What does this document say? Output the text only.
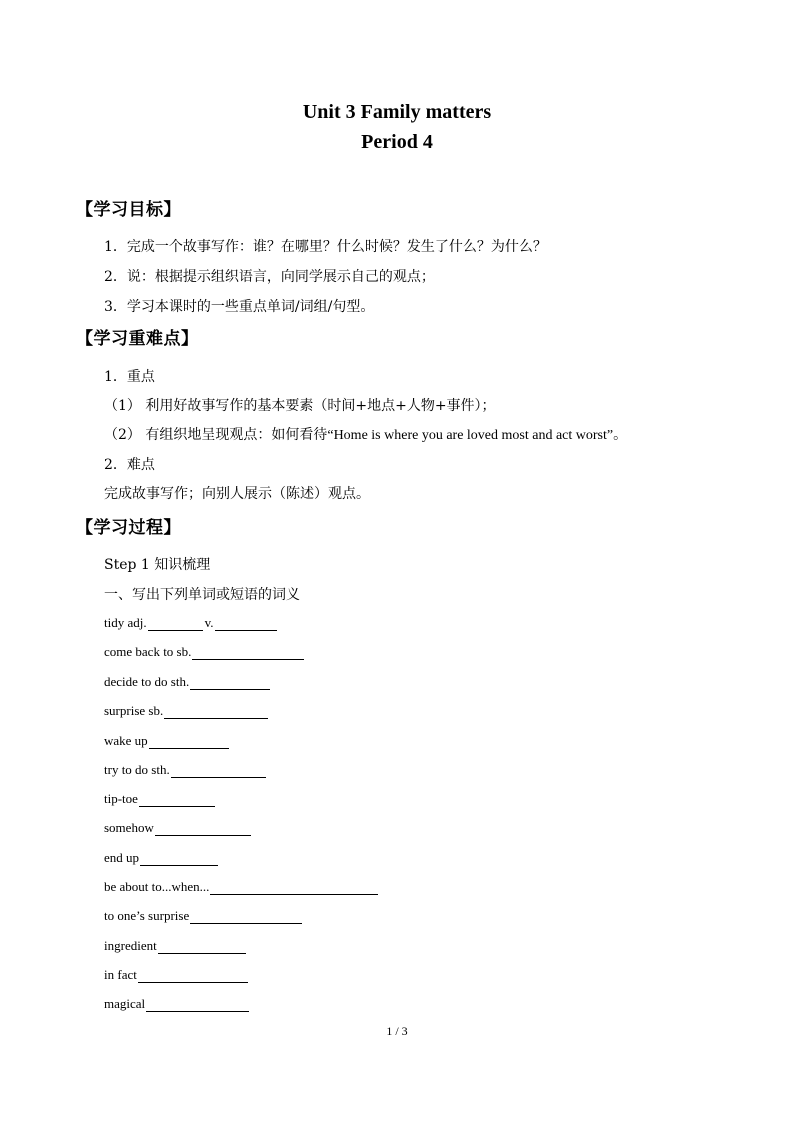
Unit 3 Family matters
Period 4
【学习目标】
1．完成一个故事写作：谁？在哪里？什么时候？发生了什么？为什么？
2．说：根据提示组织语言，向同学展示自己的观点；
3．学习本课时的一些重点单词/词组/句型。
【学习重难点】
1．重点
（1） 利用好故事写作的基本要素（时间+地点+人物+事件）；
（2） 有组织地呈现观点：如何看待“Home is where you are loved most and act worst”。
2．难点
完成故事写作；向别人展示（陈述）观点。
【学习过程】
Step 1 知识梳理
一、写出下列单词或短语的词义
tidy adj.	v.
come back to sb.
decide to do sth.
surprise sb.
wake up
try to do sth.
tip-toe
somehow
end up
be about to...when...
to one’s surprise
ingredient
in fact
magical
1 / 3
